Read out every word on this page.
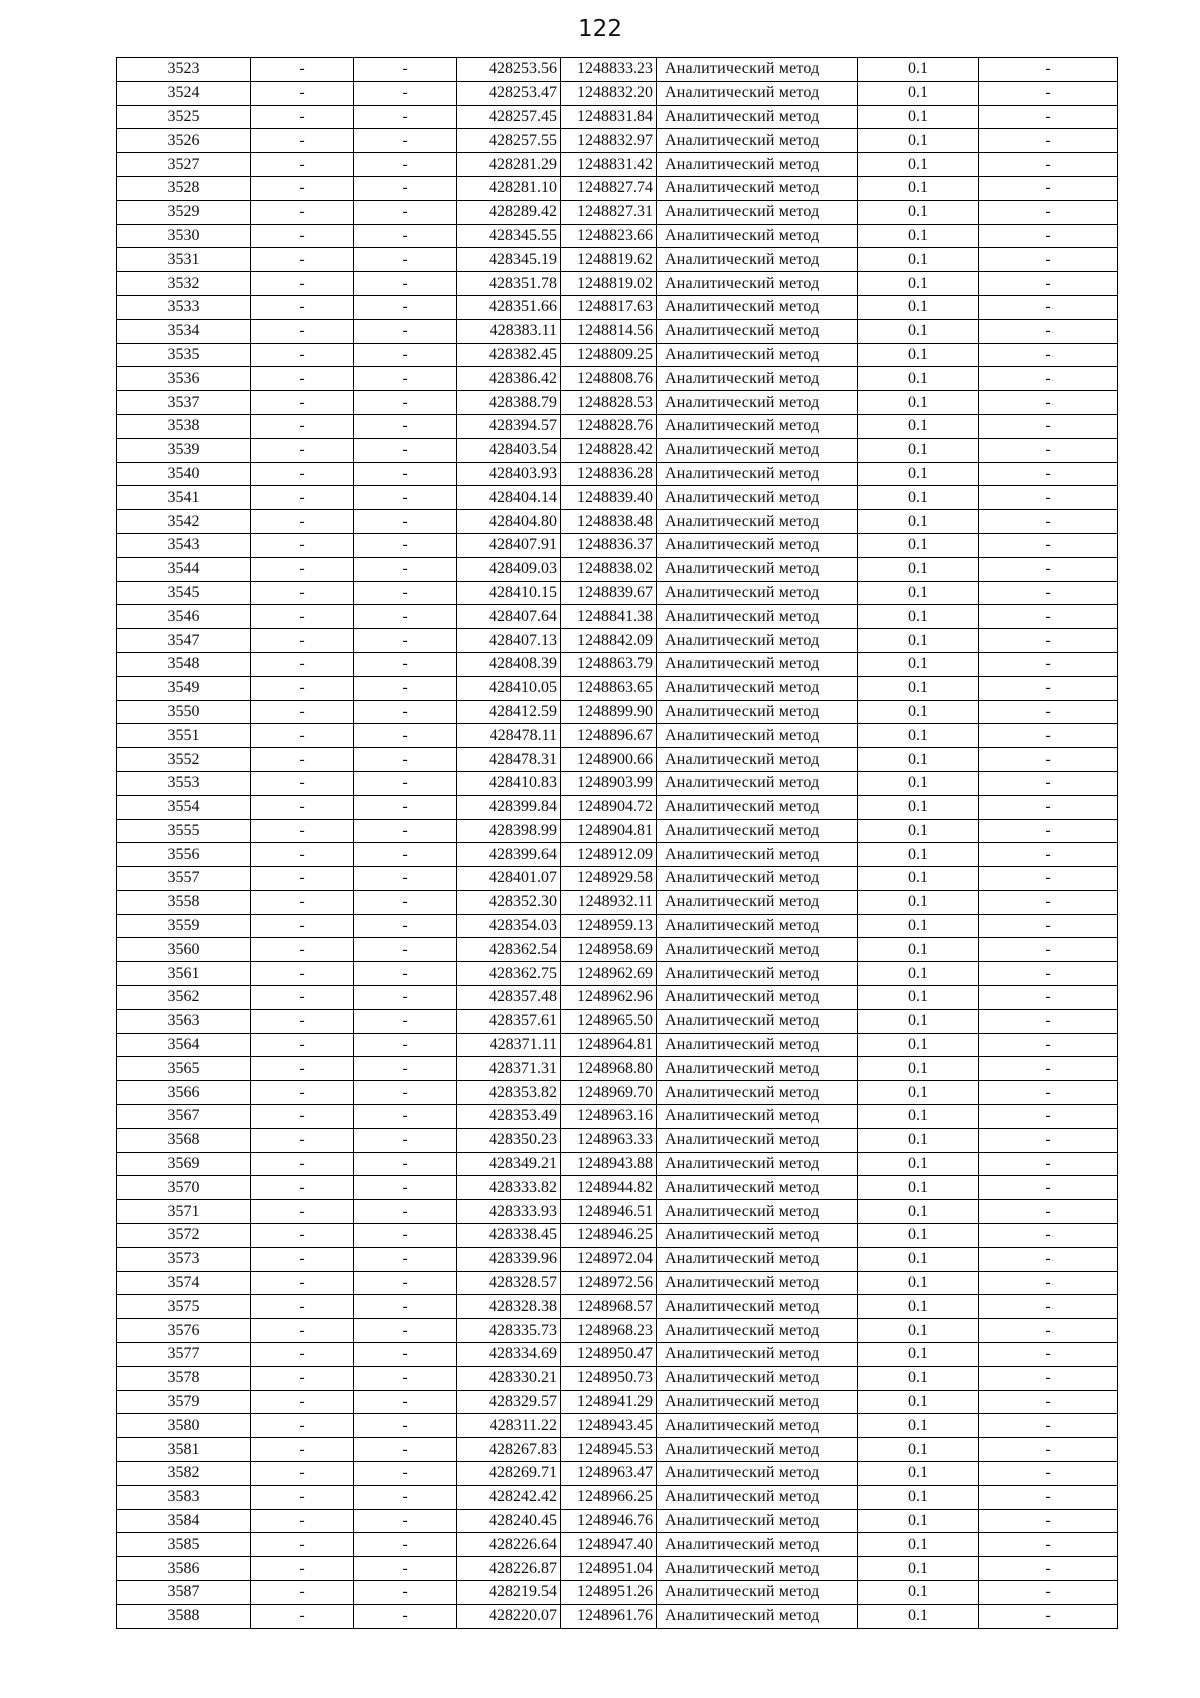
122
3523	-	-	428253.56	1248833.23	Аналитический метод	0.1	-
3524	-	-	428253.47	1248832.20	Аналитический метод	0.1	-
3525	-	-	428257.45	1248831.84	Аналитический метод	0.1	-
3526	-	-	428257.55	1248832.97	Аналитический метод	0.1	-
3527	-	-	428281.29	1248831.42	Аналитический метод	0.1	-
3528	-	-	428281.10	1248827.74	Аналитический метод	0.1	-
3529	-	-	428289.42	1248827.31	Аналитический метод	0.1	-
3530	-	-	428345.55	1248823.66	Аналитический метод	0.1	-
3531	-	-	428345.19	1248819.62	Аналитический метод	0.1	-
3532	-	-	428351.78	1248819.02	Аналитический метод	0.1	-
3533	-	-	428351.66	1248817.63	Аналитический метод	0.1	-
3534	-	-	428383.11	1248814.56	Аналитический метод	0.1	-
3535	-	-	428382.45	1248809.25	Аналитический метод	0.1	-
3536	-	-	428386.42	1248808.76	Аналитический метод	0.1	-
3537	-	-	428388.79	1248828.53	Аналитический метод	0.1	-
3538	-	-	428394.57	1248828.76	Аналитический метод	0.1	-
3539	-	-	428403.54	1248828.42	Аналитический метод	0.1	-
3540	-	-	428403.93	1248836.28	Аналитический метод	0.1	-
3541	-	-	428404.14	1248839.40	Аналитический метод	0.1	-
3542	-	-	428404.80	1248838.48	Аналитический метод	0.1	-
3543	-	-	428407.91	1248836.37	Аналитический метод	0.1	-
3544	-	-	428409.03	1248838.02	Аналитический метод	0.1	-
3545	-	-	428410.15	1248839.67	Аналитический метод	0.1	-
3546	-	-	428407.64	1248841.38	Аналитический метод	0.1	-
3547	-	-	428407.13	1248842.09	Аналитический метод	0.1	-
3548	-	-	428408.39	1248863.79	Аналитический метод	0.1	-
3549	-	-	428410.05	1248863.65	Аналитический метод	0.1	-
3550	-	-	428412.59	1248899.90	Аналитический метод	0.1	-
3551	-	-	428478.11	1248896.67	Аналитический метод	0.1	-
3552	-	-	428478.31	1248900.66	Аналитический метод	0.1	-
3553	-	-	428410.83	1248903.99	Аналитический метод	0.1	-
3554	-	-	428399.84	1248904.72	Аналитический метод	0.1	-
3555	-	-	428398.99	1248904.81	Аналитический метод	0.1	-
3556	-	-	428399.64	1248912.09	Аналитический метод	0.1	-
3557	-	-	428401.07	1248929.58	Аналитический метод	0.1	-
3558	-	-	428352.30	1248932.11	Аналитический метод	0.1	-
3559	-	-	428354.03	1248959.13	Аналитический метод	0.1	-
3560	-	-	428362.54	1248958.69	Аналитический метод	0.1	-
3561	-	-	428362.75	1248962.69	Аналитический метод	0.1	-
3562	-	-	428357.48	1248962.96	Аналитический метод	0.1	-
3563	-	-	428357.61	1248965.50	Аналитический метод	0.1	-
3564	-	-	428371.11	1248964.81	Аналитический метод	0.1	-
3565	-	-	428371.31	1248968.80	Аналитический метод	0.1	-
3566	-	-	428353.82	1248969.70	Аналитический метод	0.1	-
3567	-	-	428353.49	1248963.16	Аналитический метод	0.1	-
3568	-	-	428350.23	1248963.33	Аналитический метод	0.1	-
3569	-	-	428349.21	1248943.88	Аналитический метод	0.1	-
3570	-	-	428333.82	1248944.82	Аналитический метод	0.1	-
3571	-	-	428333.93	1248946.51	Аналитический метод	0.1	-
3572	-	-	428338.45	1248946.25	Аналитический метод	0.1	-
3573	-	-	428339.96	1248972.04	Аналитический метод	0.1	-
3574	-	-	428328.57	1248972.56	Аналитический метод	0.1	-
3575	-	-	428328.38	1248968.57	Аналитический метод	0.1	-
3576	-	-	428335.73	1248968.23	Аналитический метод	0.1	-
3577	-	-	428334.69	1248950.47	Аналитический метод	0.1	-
3578	-	-	428330.21	1248950.73	Аналитический метод	0.1	-
3579	-	-	428329.57	1248941.29	Аналитический метод	0.1	-
3580	-	-	428311.22	1248943.45	Аналитический метод	0.1	-
3581	-	-	428267.83	1248945.53	Аналитический метод	0.1	-
3582	-	-	428269.71	1248963.47	Аналитический метод	0.1	-
3583	-	-	428242.42	1248966.25	Аналитический метод	0.1	-
3584	-	-	428240.45	1248946.76	Аналитический метод	0.1	-
3585	-	-	428226.64	1248947.40	Аналитический метод	0.1	-
3586	-	-	428226.87	1248951.04	Аналитический метод	0.1	-
3587	-	-	428219.54	1248951.26	Аналитический метод	0.1	-
3588	-	-	428220.07	1248961.76	Аналитический метод	0.1	-
